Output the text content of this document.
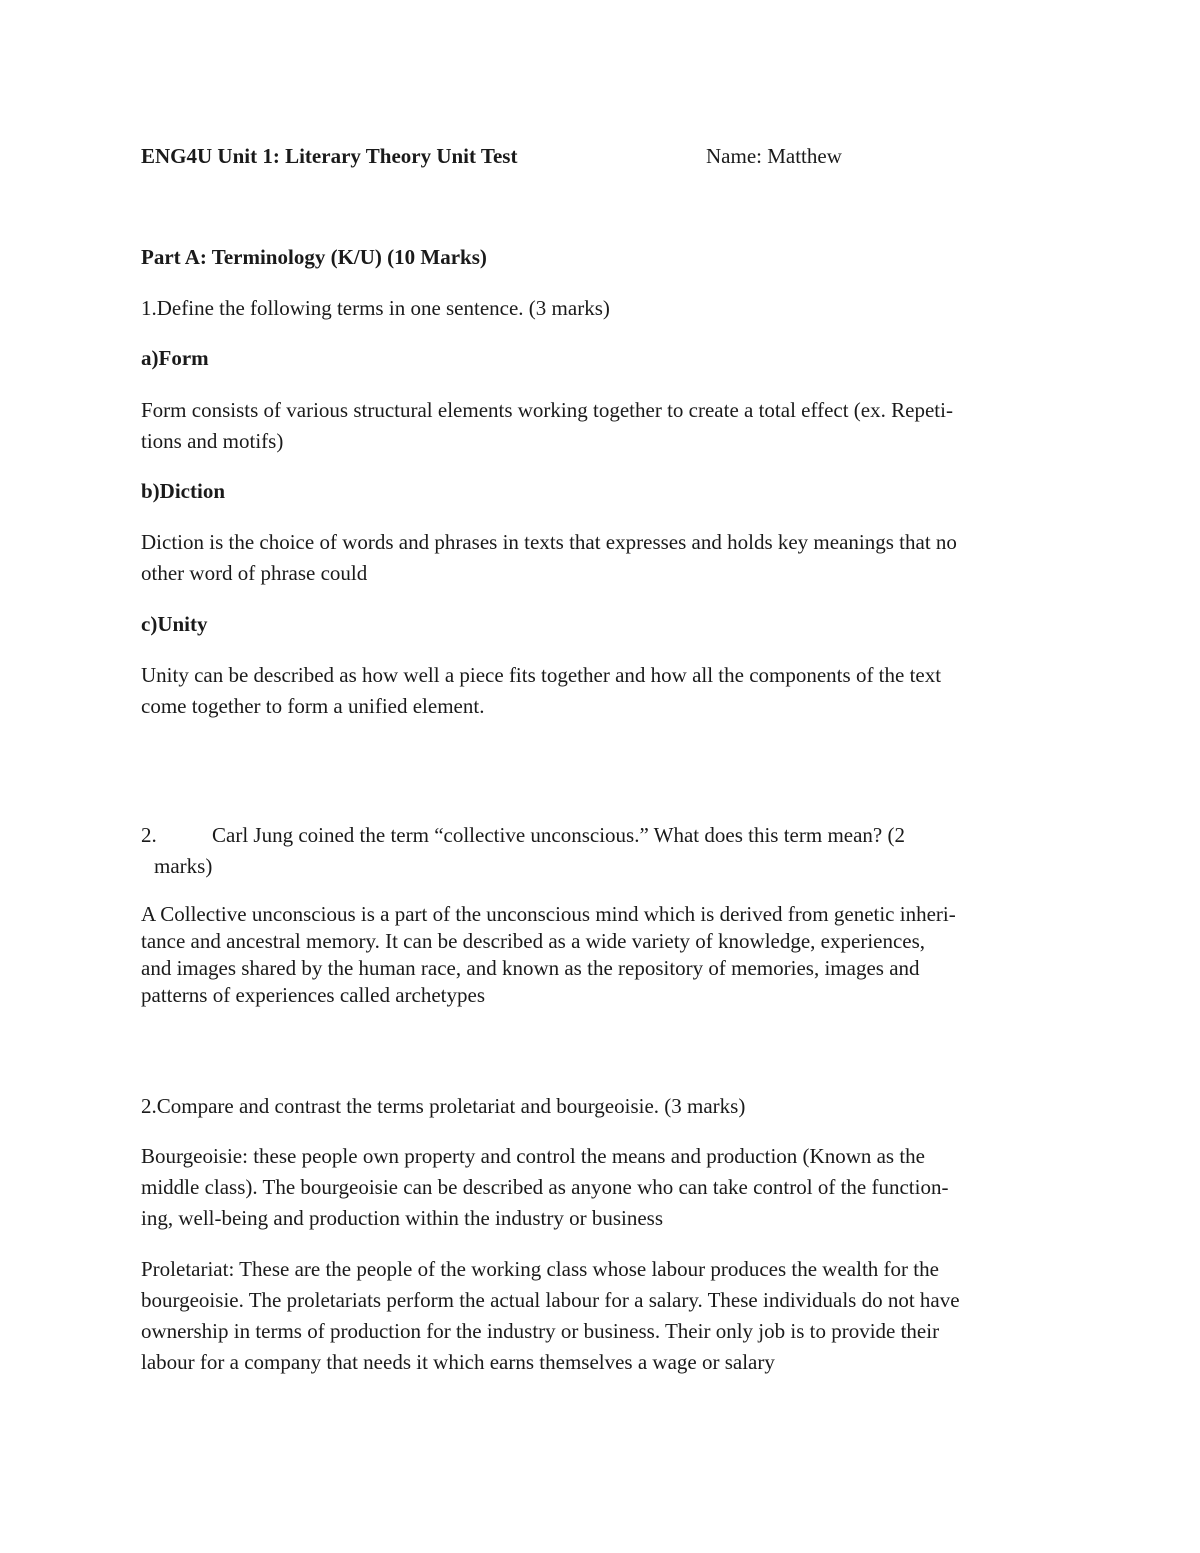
ENG4U Unit 1: Literary Theory Unit Test	Name: Matthew
Part A: Terminology (K/U) (10 Marks)
1.Define the following terms in one sentence. (3 marks)
a)Form
Form consists of various structural elements working together to create a total effect (ex. Repeti-
tions and motifs)
b)Diction
Diction is the choice of words and phrases in texts that expresses and holds key meanings that no
other word of phrase could
c)Unity
Unity can be described as how well a piece fits together and how all the components of the text
come together to form a unified element.
2.	Carl Jung coined the term “collective unconscious.” What does this term mean? (2
marks)
A Collective unconscious is a part of the unconscious mind which is derived from genetic inheri-
tance and ancestral memory. It can be described as a wide variety of knowledge, experiences,
and images shared by the human race, and known as the repository of memories, images and
patterns of experiences called archetypes
2.Compare and contrast the terms proletariat and bourgeoisie. (3 marks)
Bourgeoisie: these people own property and control the means and production (Known as the
middle class). The bourgeoisie can be described as anyone who can take control of the function-
ing, well-being and production within the industry or business
Proletariat: These are the people of the working class whose labour produces the wealth for the
bourgeoisie. The proletariats perform the actual labour for a salary. These individuals do not have
ownership in terms of production for the industry or business. Their only job is to provide their
labour for a company that needs it which earns themselves a wage or salary
